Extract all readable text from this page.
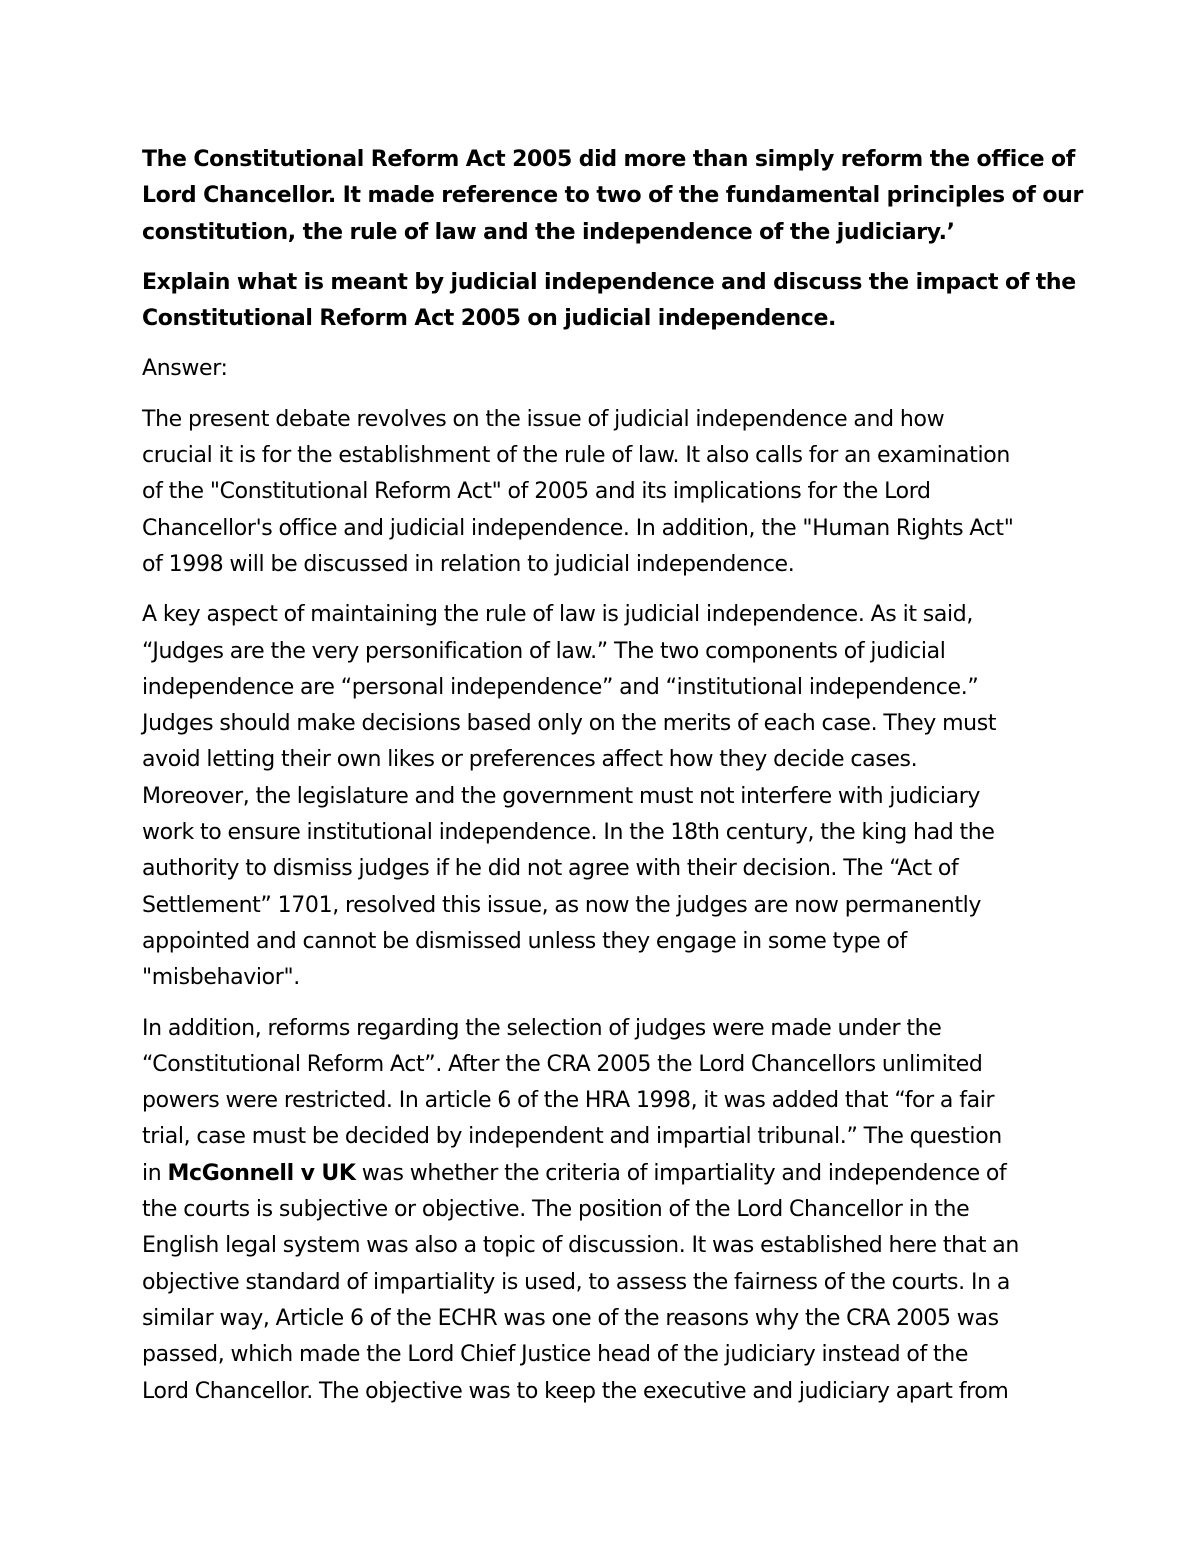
The Constitutional Reform Act 2005 did more than simply reform the office of
Lord Chancellor. It made reference to two of the fundamental principles of our
constitution, the rule of law and the independence of the judiciary.’

Explain what is meant by judicial independence and discuss the impact of the
Constitutional Reform Act 2005 on judicial independence.

Answer:

The present debate revolves on the issue of judicial independence and how
crucial it is for the establishment of the rule of law. It also calls for an examination
of the "Constitutional Reform Act" of 2005 and its implications for the Lord
Chancellor's office and judicial independence. In addition, the "Human Rights Act"
of 1998 will be discussed in relation to judicial independence.

A key aspect of maintaining the rule of law is judicial independence. As it said,
“Judges are the very personification of law.” The two components of judicial
independence are “personal independence” and “institutional independence.”
Judges should make decisions based only on the merits of each case. They must
avoid letting their own likes or preferences affect how they decide cases.
Moreover, the legislature and the government must not interfere with judiciary
work to ensure institutional independence. In the 18th century, the king had the
authority to dismiss judges if he did not agree with their decision. The “Act of
Settlement” 1701, resolved this issue, as now the judges are now permanently
appointed and cannot be dismissed unless they engage in some type of
"misbehavior".

In addition, reforms regarding the selection of judges were made under the
“Constitutional Reform Act”. After the CRA 2005 the Lord Chancellors unlimited
powers were restricted. In article 6 of the HRA 1998, it was added that “for a fair
trial, case must be decided by independent and impartial tribunal.” The question
in McGonnell v UK was whether the criteria of impartiality and independence of
the courts is subjective or objective. The position of the Lord Chancellor in the
English legal system was also a topic of discussion. It was established here that an
objective standard of impartiality is used, to assess the fairness of the courts. In a
similar way, Article 6 of the ECHR was one of the reasons why the CRA 2005 was
passed, which made the Lord Chief Justice head of the judiciary instead of the
Lord Chancellor. The objective was to keep the executive and judiciary apart from
